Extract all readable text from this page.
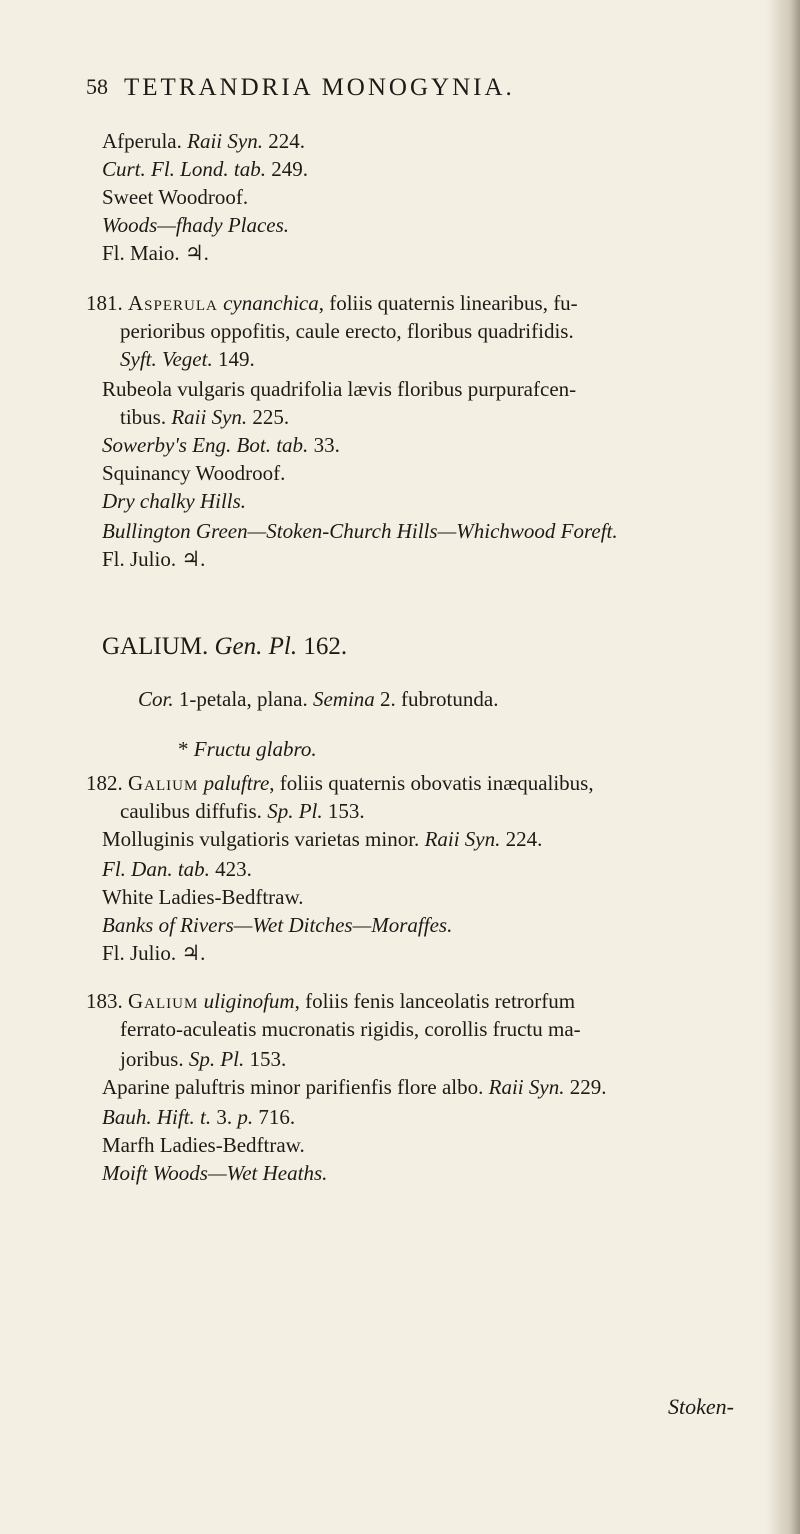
58 TETRANDRIA MONOGYNIA.
Afperula. Raii Syn. 224.
Curt. Fl. Lond. tab. 249.
Sweet Woodroof.
Woods—fhady Places.
Fl. Maio. ♃.
181. Asperula cynanchica, foliis quaternis linearibus, fu-
perioribus oppofitis, caule erecto, floribus quadrifidis.
Syft. Veget. 149.
Rubeola vulgaris quadrifolia lævis floribus purpurafcen-
tibus. Raii Syn. 225.
Sowerby's Eng. Bot. tab. 33.
Squinancy Woodroof.
Dry chalky Hills.
Bullington Green—Stoken-Church Hills—Whichwood Foreft.
Fl. Julio. ♃.
GALIUM. Gen. Pl. 162.
Cor. 1-petala, plana. Semina 2. fubrotunda.
* Fructu glabro.
182. Galium paluftre, foliis quaternis obovatis inæqualibus,
caulibus diffufis. Sp. Pl. 153.
Molluginis vulgatioris varietas minor. Raii Syn. 224.
Fl. Dan. tab. 423.
White Ladies-Bedftraw.
Banks of Rivers—Wet Ditches—Moraffes.
Fl. Julio. ♃.
183. Galium uliginofum, foliis fenis lanceolatis retrorfum
ferrato-aculeatis mucronatis rigidis, corollis fructu ma-
joribus. Sp. Pl. 153.
Aparine paluftris minor parifienfis flore albo. Raii Syn. 229.
Bauh. Hift. t. 3. p. 716.
Marfh Ladies-Bedftraw.
Moift Woods—Wet Heaths.
Stoken-
